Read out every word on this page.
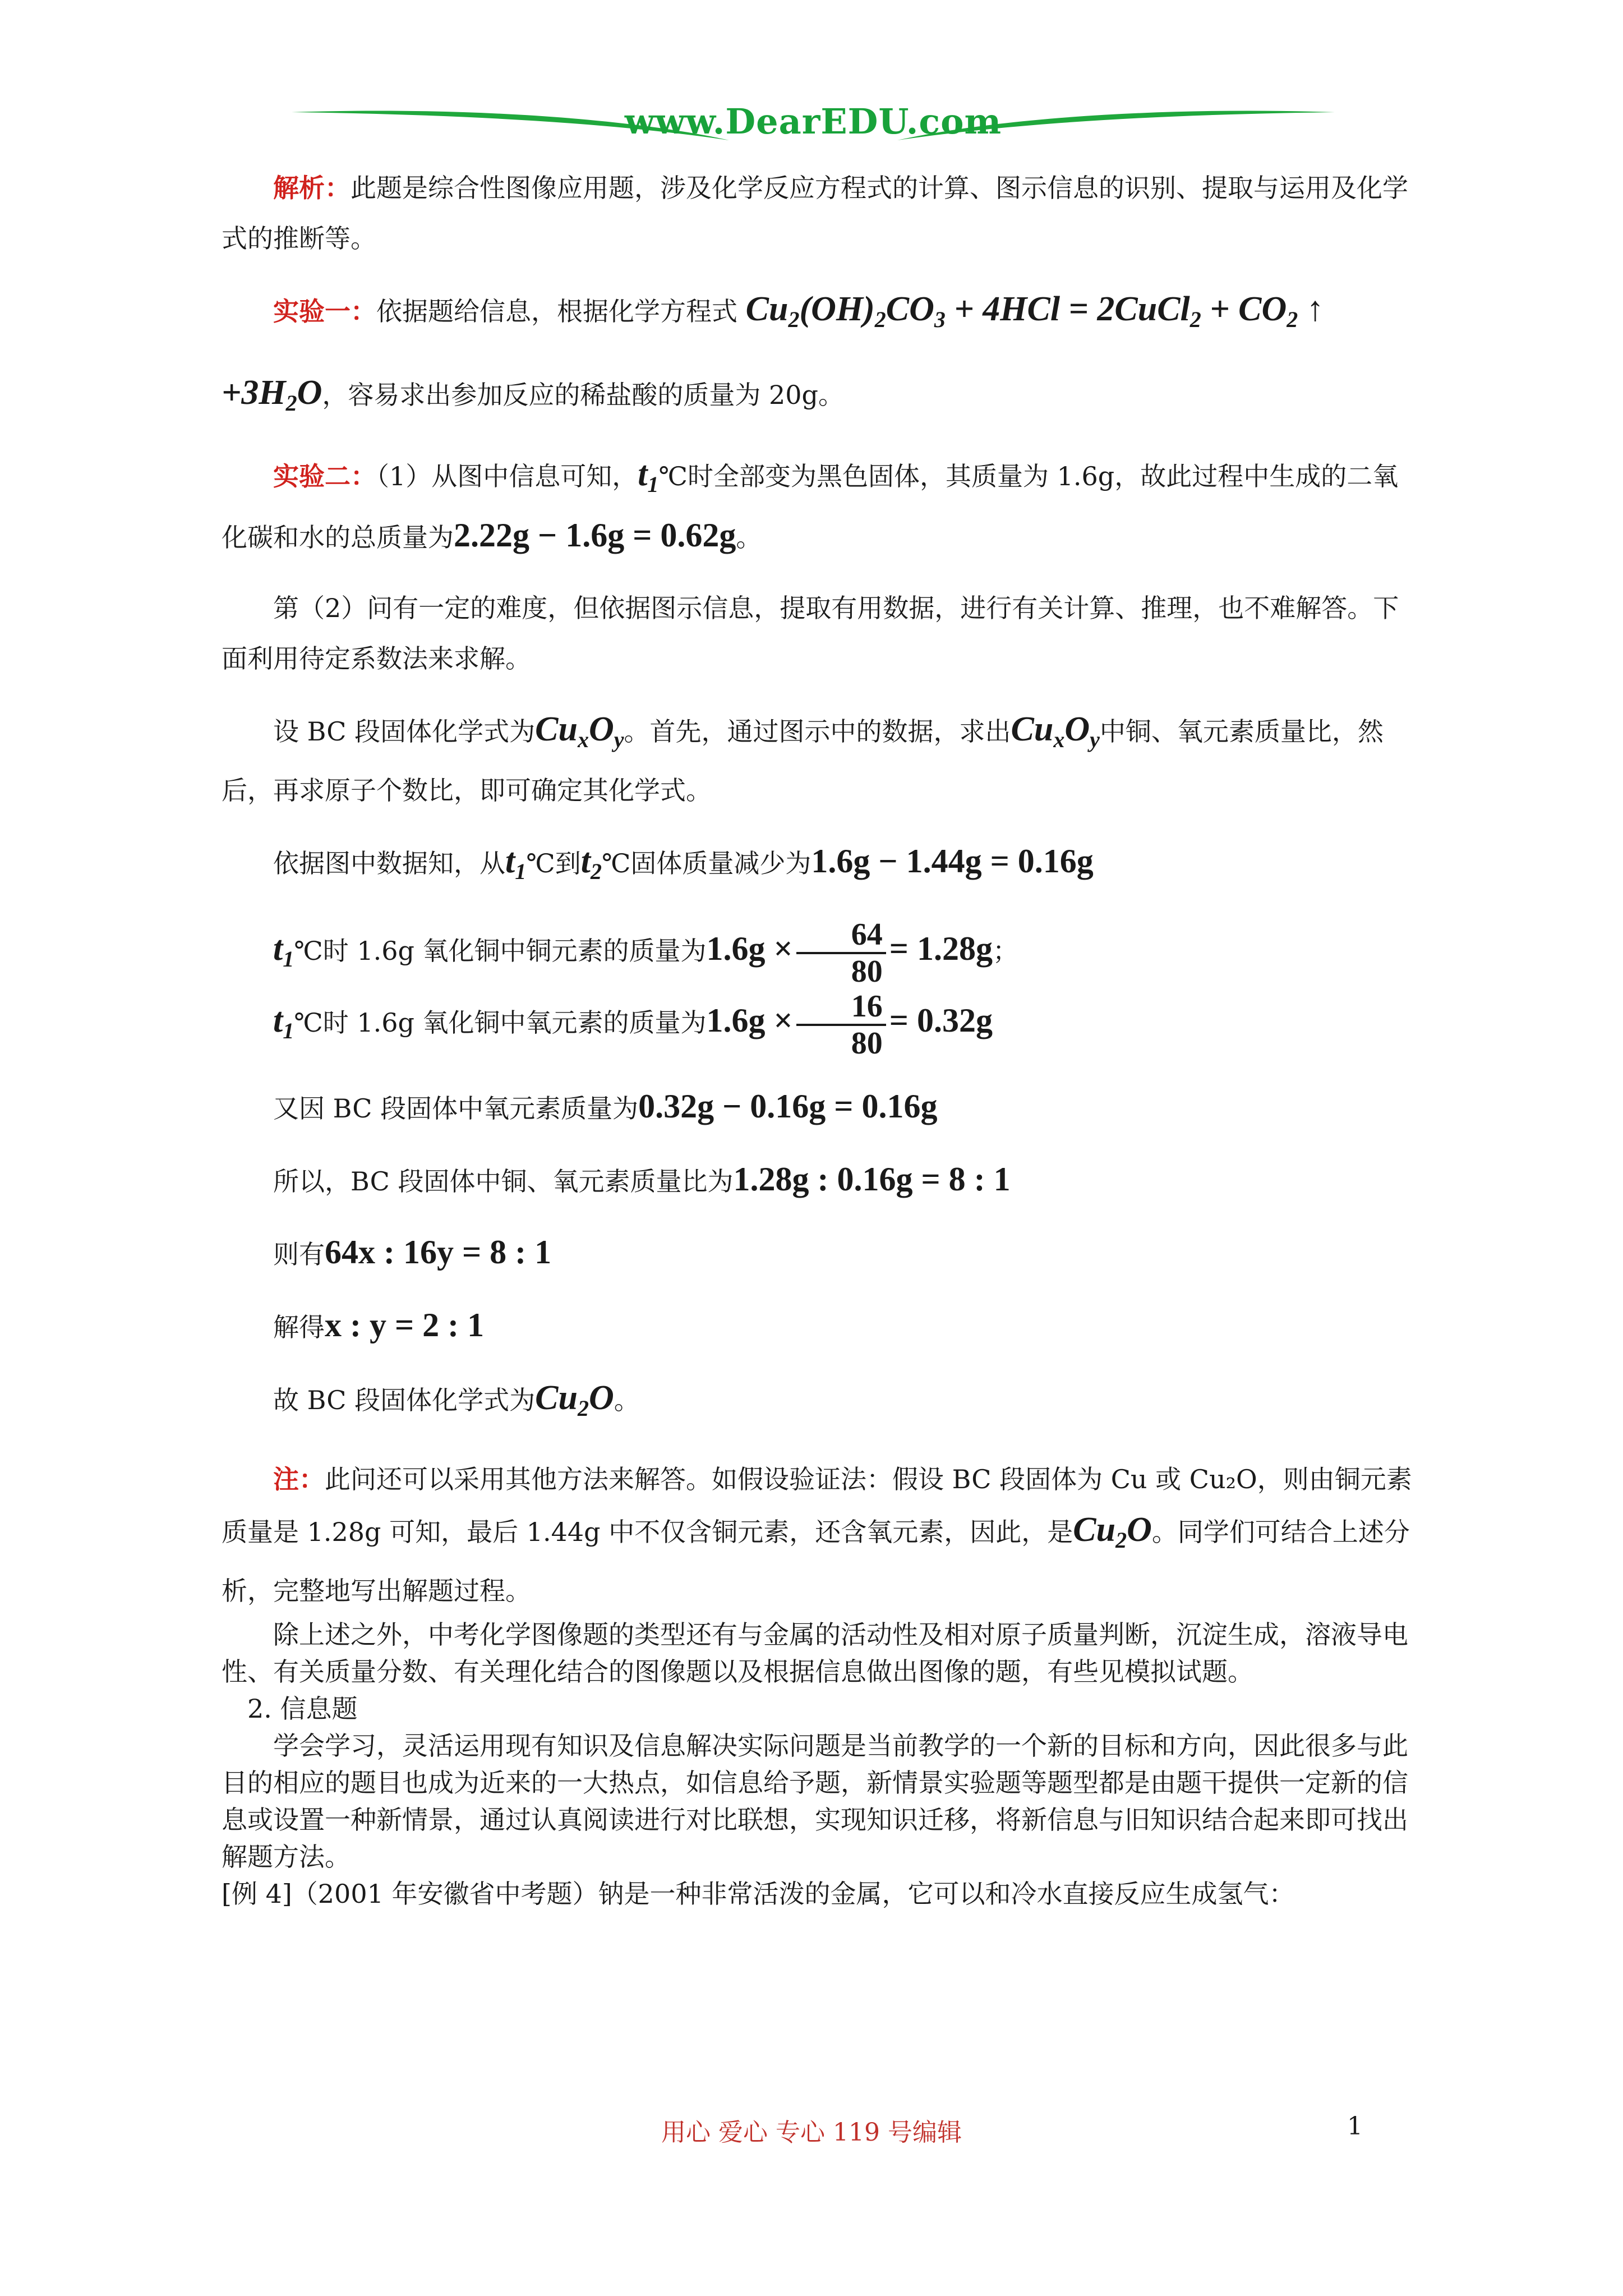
www.DearEDU.com

解析：此题是综合性图像应用题，涉及化学反应方程式的计算、图示信息的识别、提取与运用及化学式的推断等。

实验一：依据题给信息，根据化学方程式 Cu2(OH)2CO3 + 4HCl = 2CuCl2 + CO2 ↑

+3H2O，容易求出参加反应的稀盐酸的质量为 20g。

实验二：（1）从图中信息可知，t1℃时全部变为黑色固体，其质量为 1.6g，故此过程中生成的二氧化碳和水的总质量为2.22g − 1.6g = 0.62g。

第（2）问有一定的难度，但依据图示信息，提取有用数据，进行有关计算、推理，也不难解答。下面利用待定系数法来求解。

设 BC 段固体化学式为$Cu_xO_y$。首先，通过图示中的数据，求出$Cu_xO_y$中铜、氧元素质量比，然后，再求原子个数比，即可确定其化学式。

依据图中数据知，从t1℃到t2℃固体质量减少为1.6g − 1.44g = 0.16g

t1℃时 1.6g 氧化铜中铜元素的质量为$1.6g \times \frac{64}{80} = 1.28g$；

t1℃时 1.6g 氧化铜中氧元素的质量为$1.6g \times \frac{16}{80} = 0.32g$

又因 BC 段固体中氧元素质量为0.32g − 0.16g = 0.16g

所以，BC 段固体中铜、氧元素质量比为1.28g : 0.16g = 8 : 1

则有64x : 16y = 8 : 1

解得x : y = 2 : 1

故 BC 段固体化学式为Cu2O。

注：此问还可以采用其他方法来解答。如假设验证法：假设 BC 段固体为 Cu 或 Cu₂O，则由铜元素质量是 1.28g 可知，最后 1.44g 中不仅含铜元素，还含氧元素，因此，是Cu2O。同学们可结合上述分析，完整地写出解题过程。

除上述之外，中考化学图像题的类型还有与金属的活动性及相对原子质量判断，沉淀生成，溶液导电性、有关质量分数、有关理化结合的图像题以及根据信息做出图像的题，有些见模拟试题。

2. 信息题

学会学习，灵活运用现有知识及信息解决实际问题是当前教学的一个新的目标和方向，因此很多与此目的相应的题目也成为近来的一大热点，如信息给予题，新情景实验题等题型都是由题干提供一定新的信息或设置一种新情景，通过认真阅读进行对比联想，实现知识迁移，将新信息与旧知识结合起来即可找出解题方法。

[例 4]（2001 年安徽省中考题）钠是一种非常活泼的金属，它可以和冷水直接反应生成氢气：

用心 爱心 专心 119 号编辑	1
